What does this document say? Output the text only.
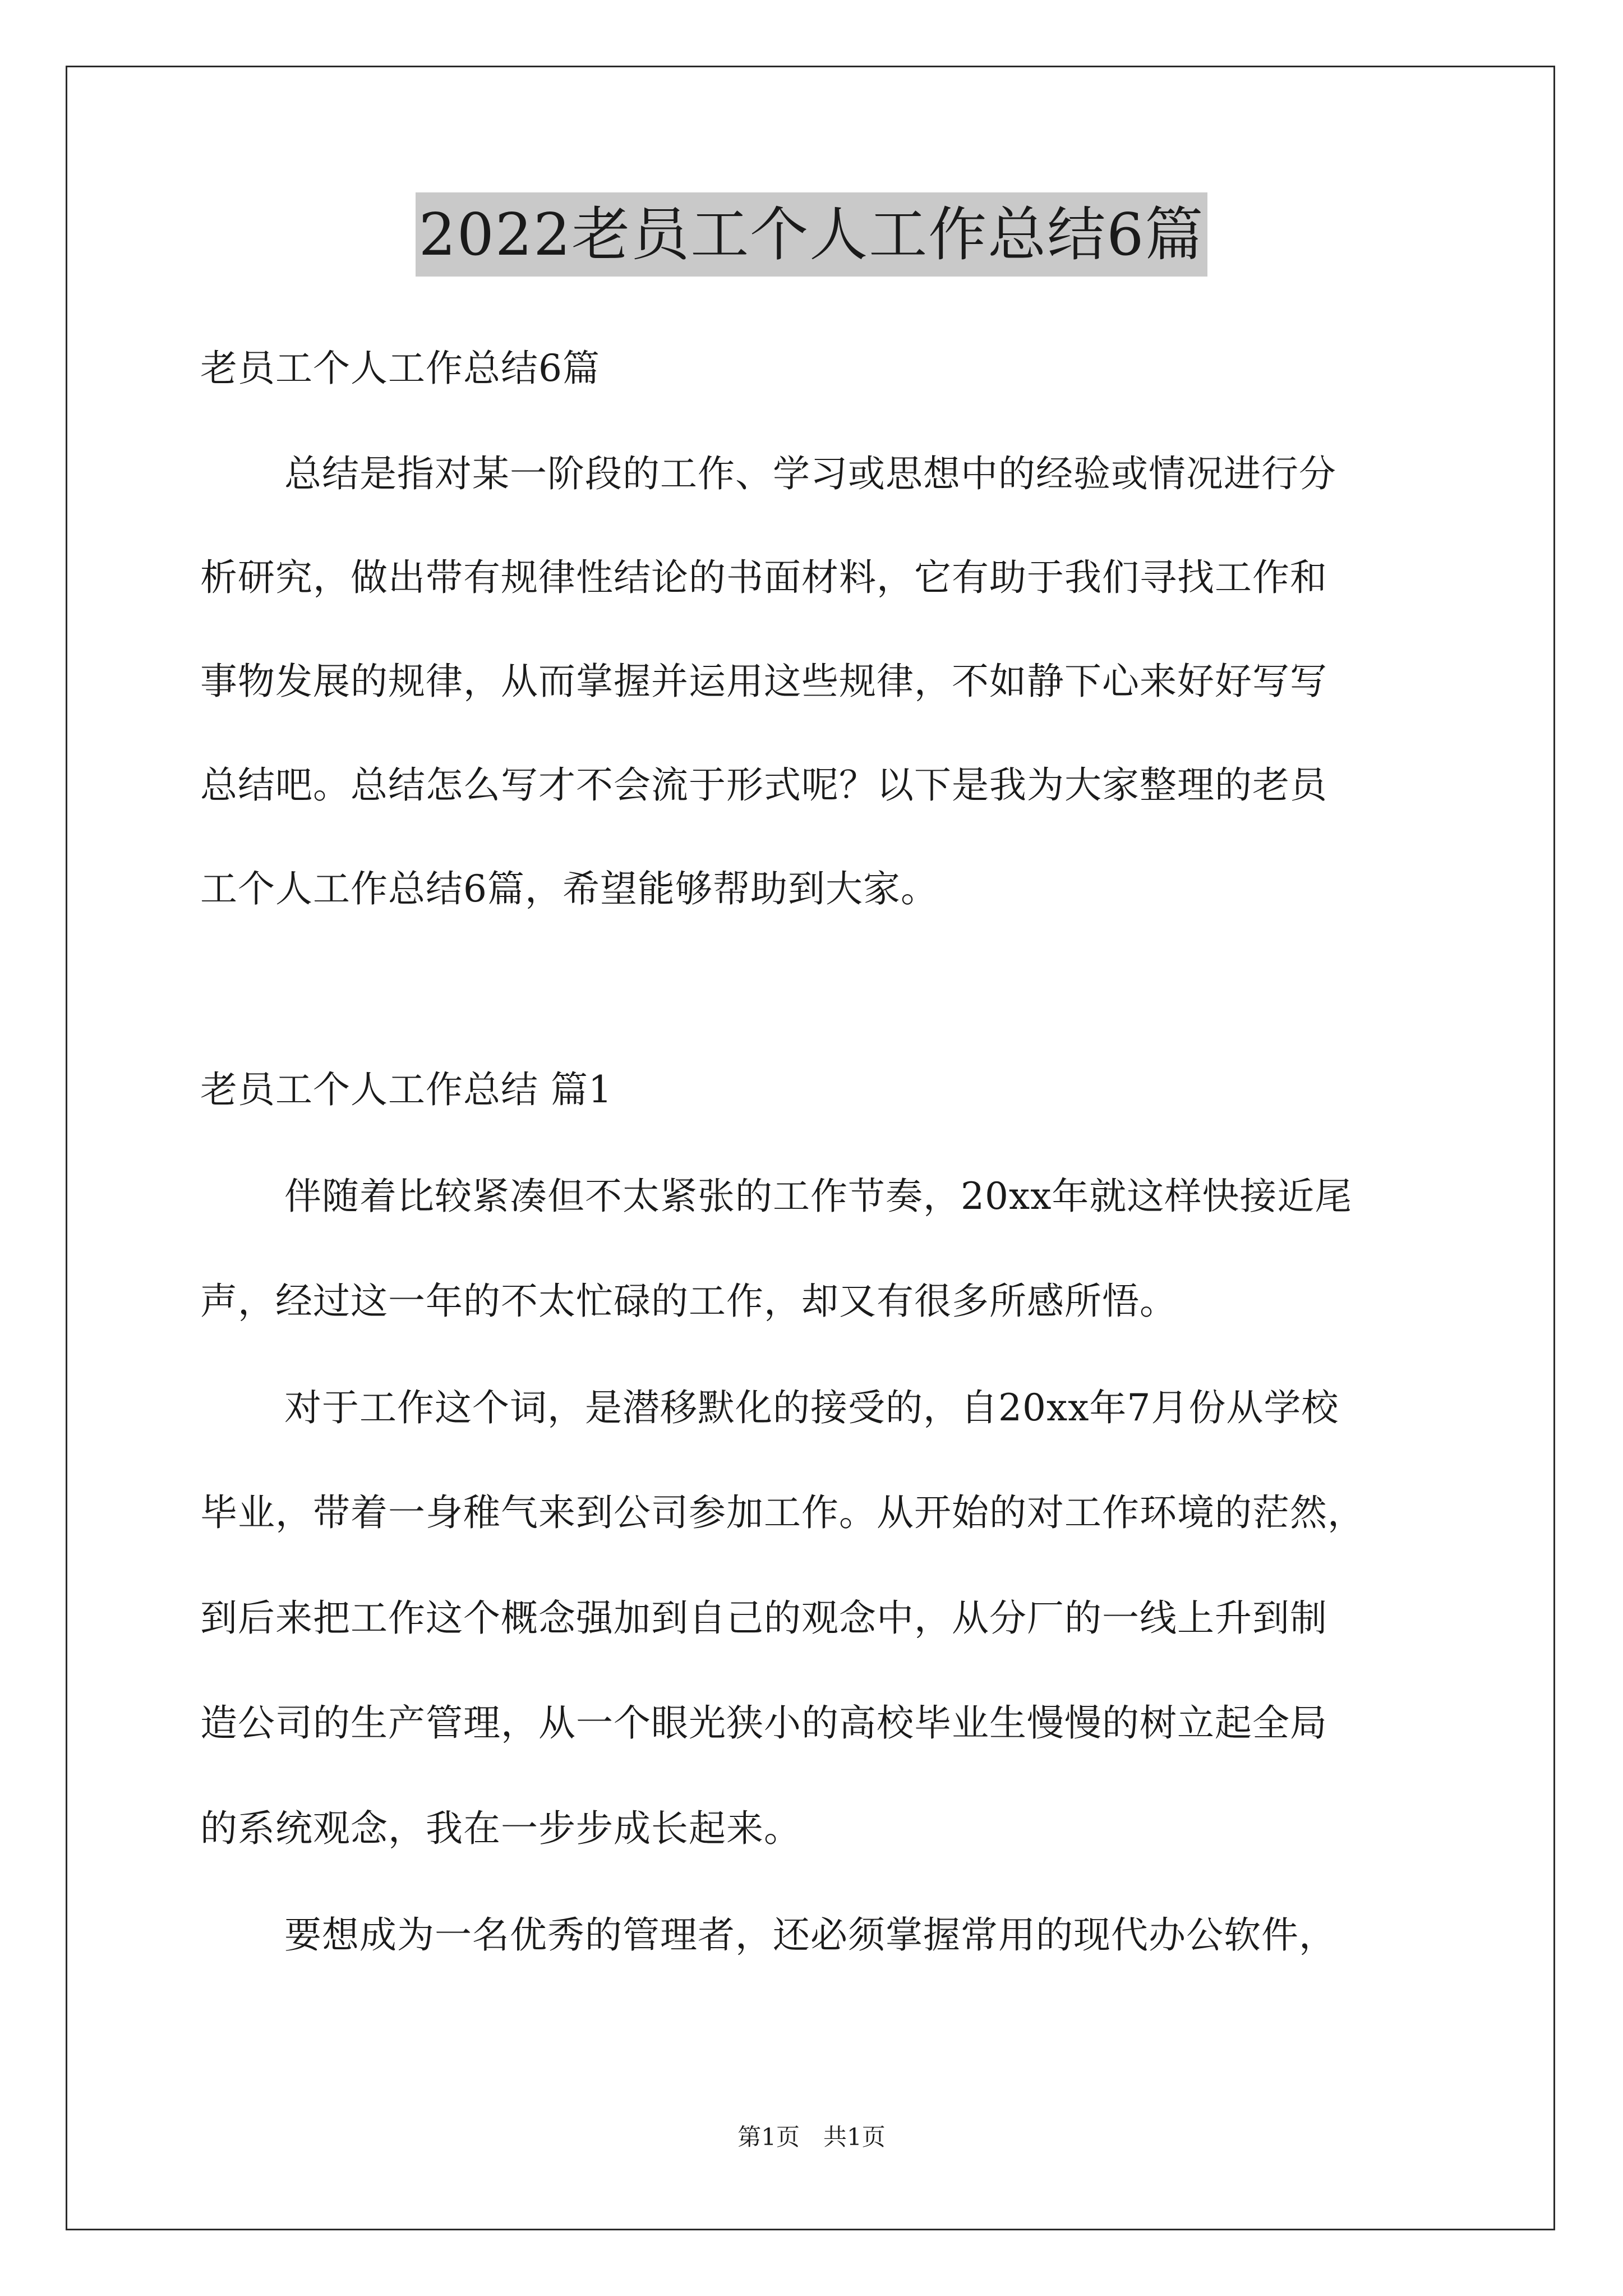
2022老员工个人工作总结6篇
老员工个人工作总结6篇
总结是指对某一阶段的工作、学习或思想中的经验或情况进行分
析研究，做出带有规律性结论的书面材料，它有助于我们寻找工作和
事物发展的规律，从而掌握并运用这些规律，不如静下心来好好写写
总结吧。总结怎么写才不会流于形式呢？以下是我为大家整理的老员
工个人工作总结6篇，希望能够帮助到大家。
老员工个人工作总结 篇1
伴随着比较紧凑但不太紧张的工作节奏，20xx年就这样快接近尾
声，经过这一年的不太忙碌的工作，却又有很多所感所悟。
对于工作这个词，是潜移默化的接受的，自20xx年7月份从学校
毕业，带着一身稚气来到公司参加工作。从开始的对工作环境的茫然，
到后来把工作这个概念强加到自己的观念中，从分厂的一线上升到制
造公司的生产管理，从一个眼光狭小的高校毕业生慢慢的树立起全局
的系统观念，我在一步步成长起来。
要想成为一名优秀的管理者，还必须掌握常用的现代办公软件，
第1页　共1页
